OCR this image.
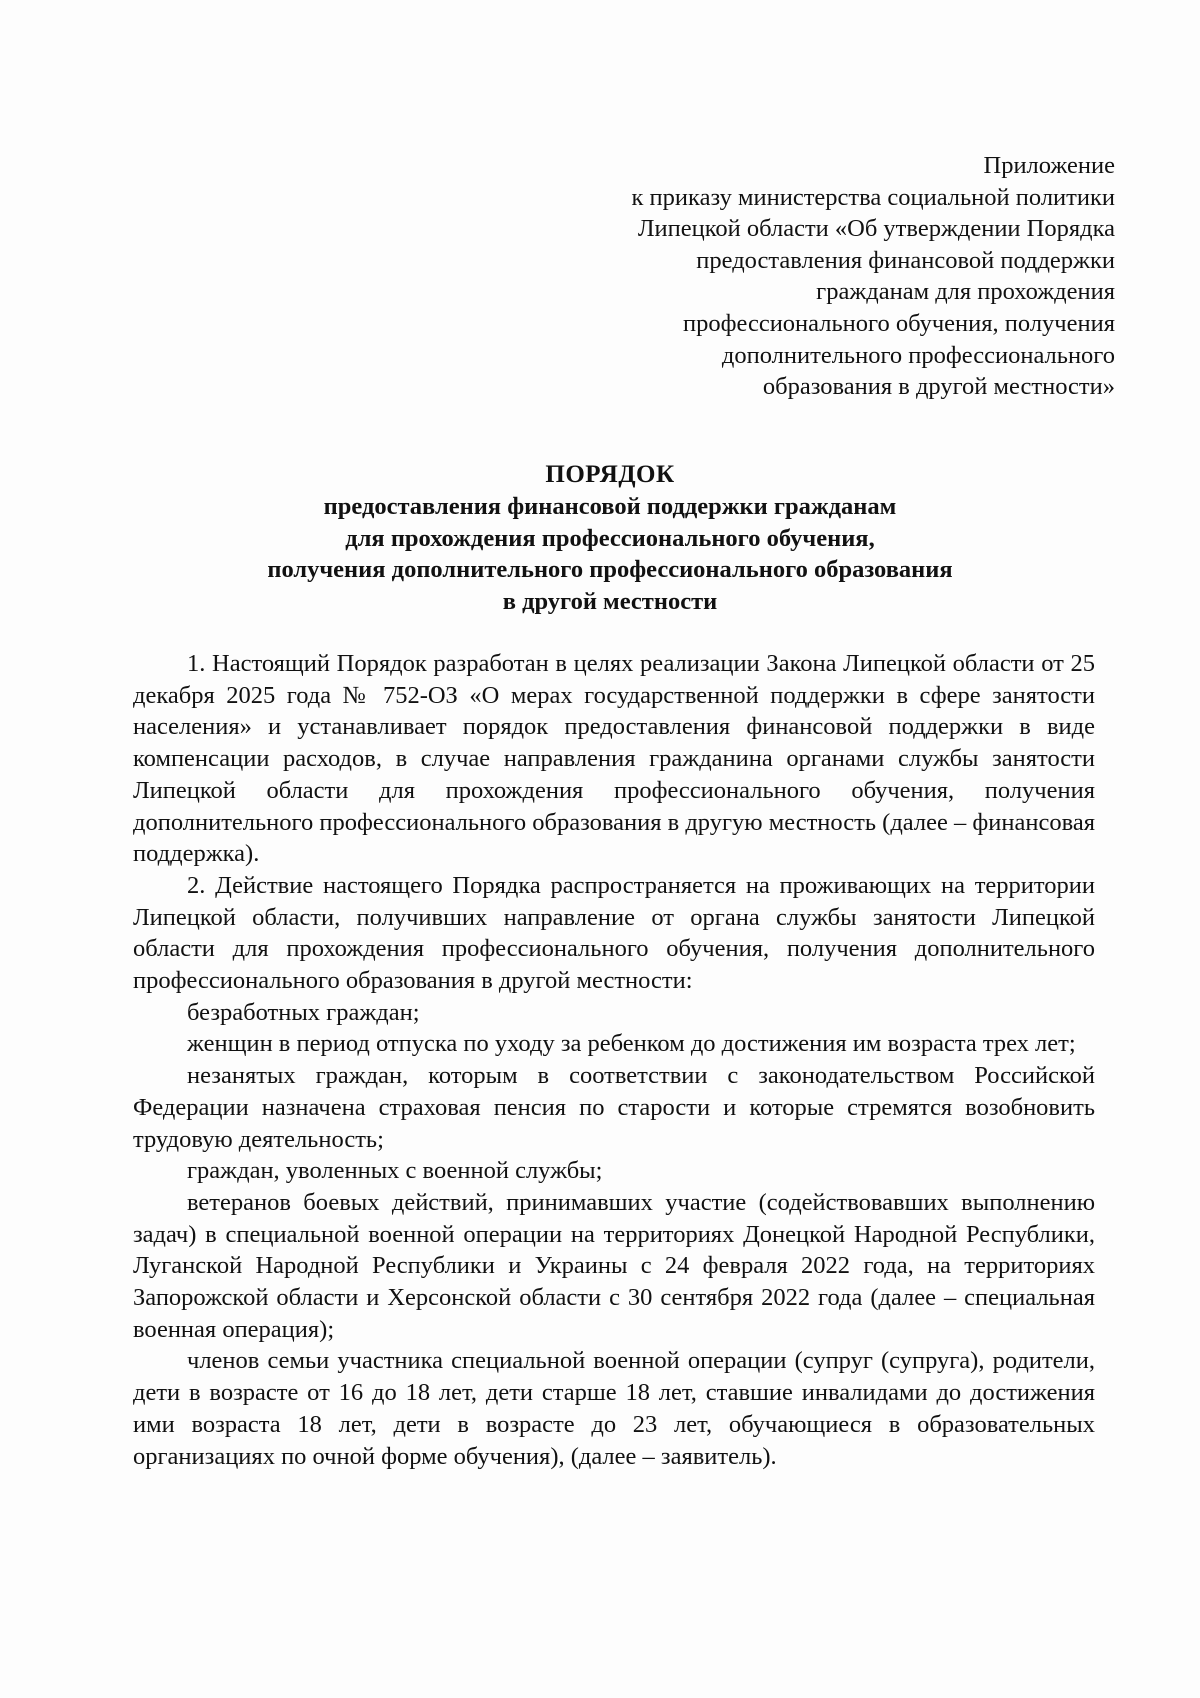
Приложение
к приказу министерства социальной политики
Липецкой области «Об утверждении Порядка
предоставления финансовой поддержки
гражданам для прохождения
профессионального обучения, получения
дополнительного профессионального
образования в другой местности»
ПОРЯДОК
предоставления финансовой поддержки гражданам
для прохождения профессионального обучения,
получения дополнительного профессионального образования
в другой местности

1. Настоящий Порядок разработан в целях реализации Закона Липецкой области от 25 декабря 2025 года № 752-ОЗ «О мерах государственной поддержки в сфере занятости населения» и устанавливает порядок предоставления финансовой поддержки в виде компенсации расходов, в случае направления гражданина органами службы занятости Липецкой области для прохождения профессионального обучения, получения дополнительного профессионального образования в другую местность (далее – финансовая поддержка).

2. Действие настоящего Порядка распространяется на проживающих на территории Липецкой области, получивших направление от органа службы занятости Липецкой области для прохождения профессионального обучения, получения дополнительного профессионального образования в другой местности:

безработных граждан;

женщин в период отпуска по уходу за ребенком до достижения им возраста трех лет;

незанятых граждан, которым в соответствии с законодательством Российской Федерации назначена страховая пенсия по старости и которые стремятся возобновить трудовую деятельность;

граждан, уволенных с военной службы;

ветеранов боевых действий, принимавших участие (содействовавших выполнению задач) в специальной военной операции на территориях Донецкой Народной Республики, Луганской Народной Республики и Украины с 24 февраля 2022 года, на территориях Запорожской области и Херсонской области с 30 сентября 2022 года (далее – специальная военная операция);

членов семьи участника специальной военной операции (супруг (супруга), родители, дети в возрасте от 16 до 18 лет, дети старше 18 лет, ставшие инвалидами до достижения ими возраста 18 лет, дети в возрасте до 23 лет, обучающиеся в образовательных организациях по очной форме обучения), (далее – заявитель).
